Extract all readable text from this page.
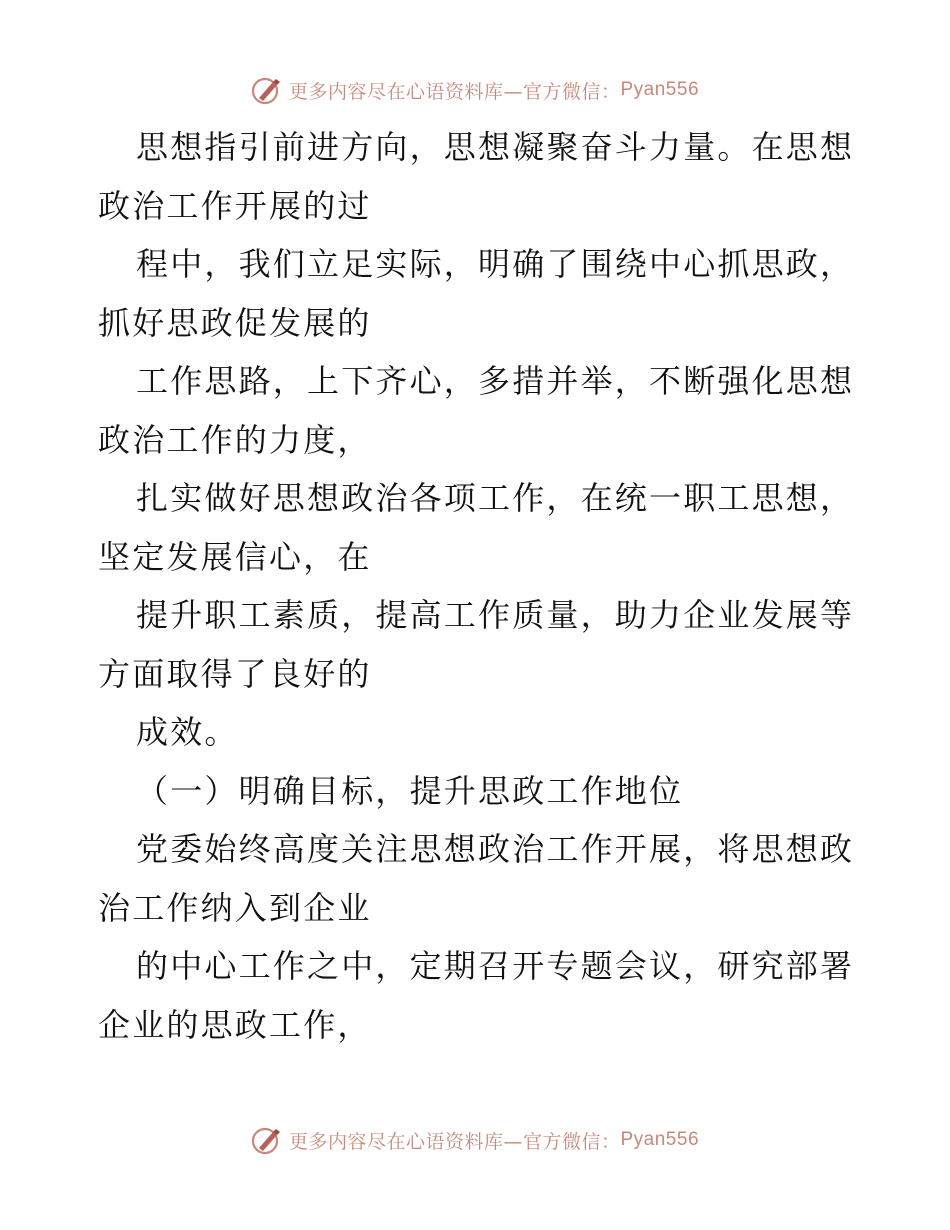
更多内容尽在心语资料库—官方微信： Pyan556
思想指引前进方向，思想凝聚奋斗力量。在思想
政治工作开展的过
程中，我们立足实际，明确了围绕中心抓思政，
抓好思政促发展的
工作思路，上下齐心，多措并举，不断强化思想
政治工作的力度，
扎实做好思想政治各项工作，在统一职工思想，
坚定发展信心，在
提升职工素质，提高工作质量，助力企业发展等
方面取得了良好的
成效。
（一）明确目标，提升思政工作地位
党委始终高度关注思想政治工作开展，将思想政
治工作纳入到企业
的中心工作之中，定期召开专题会议，研究部署
企业的思政工作，
更多内容尽在心语资料库—官方微信： Pyan556
